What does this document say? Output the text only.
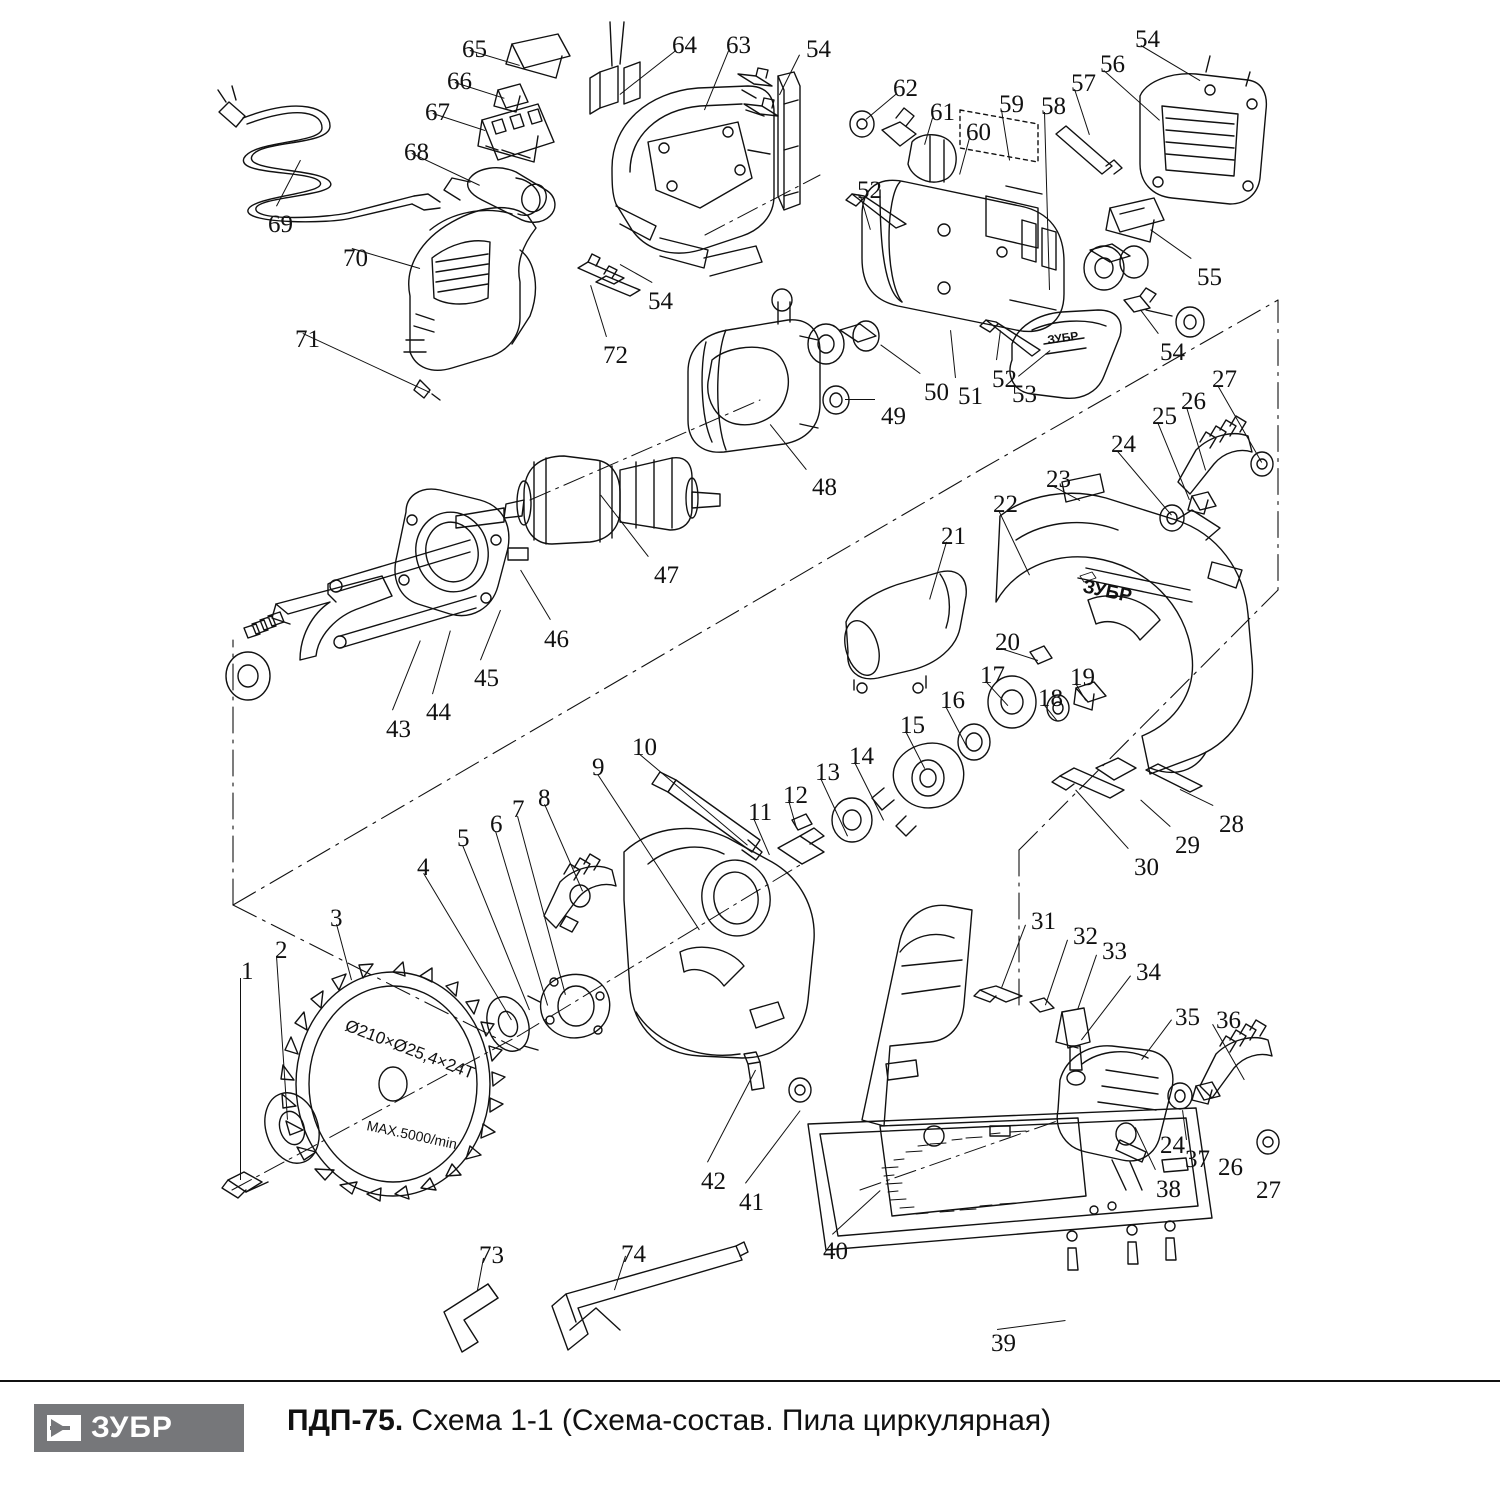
Ø210×Ø25,4×24T
MAX.5000/min
ЗУБР
ЗУБР
1
2
3
4
5
6
7 8
9
10
11
12
13
14
15
16
17
18
19
20
21
22
23
24
25
26
27
28
29
30
31
32
33
34
35 36
37
38
24
26
27
39
40
41
42
43
44
45
46
47
48
49
50 51
52
52
53
54
54
54
54
55
56
57
58
59
60
61
62
63
64
65
66
67
68
69
70
71
72
73	74
ЗУБР	ПДП-75. Схема 1-1 (Схема-состав. Пила циркулярная)
